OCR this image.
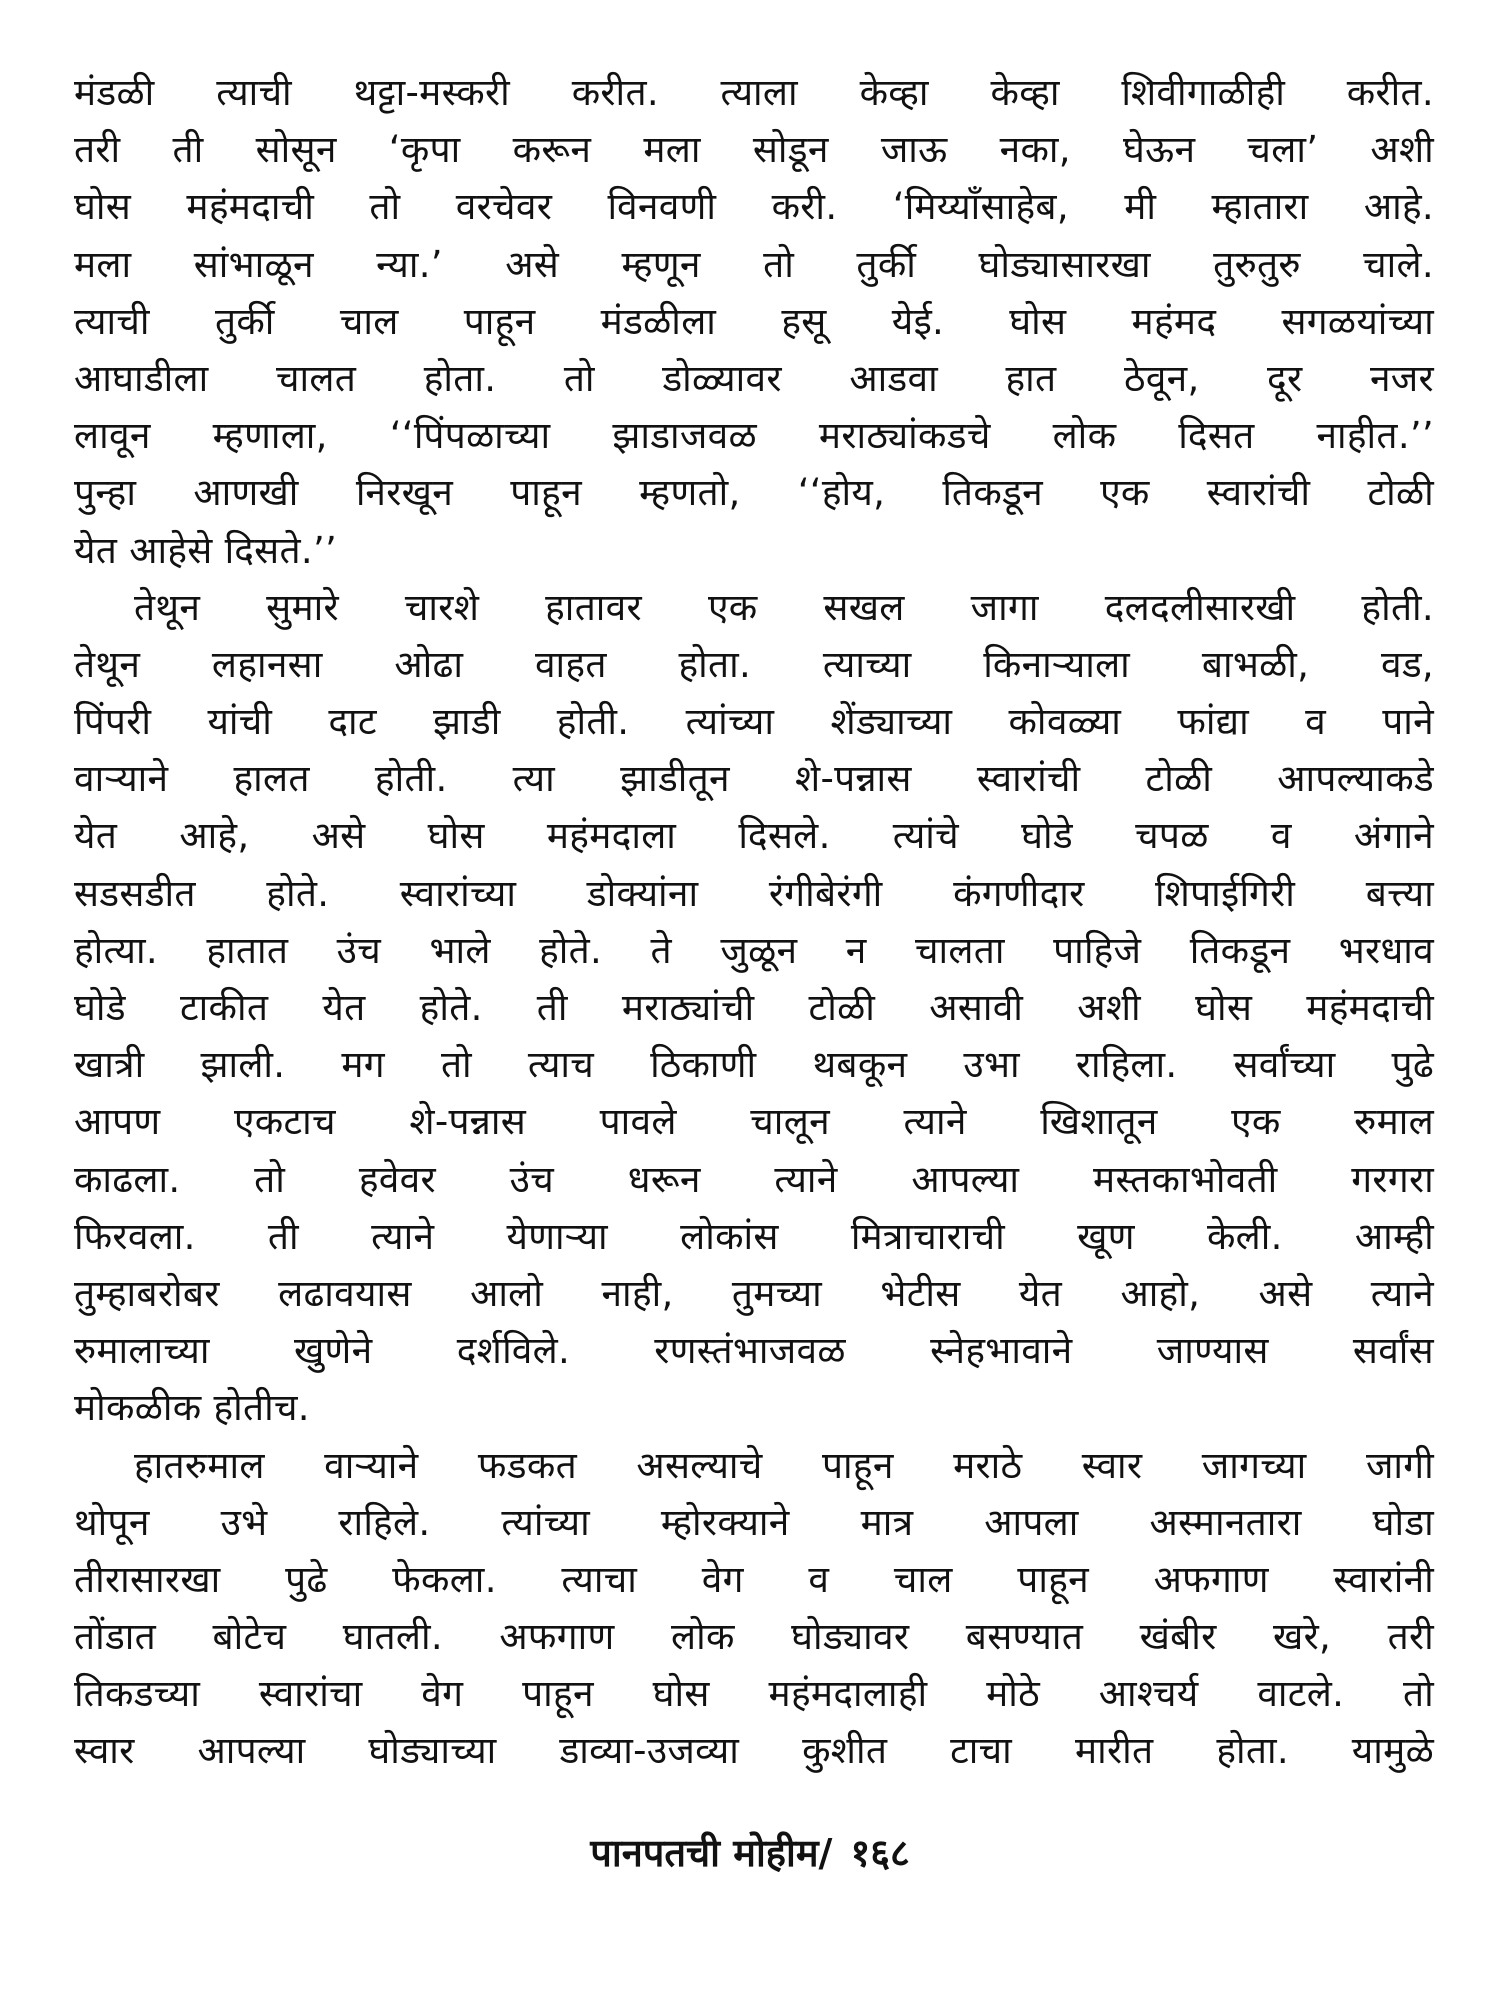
मंडळी त्याची थट्टा-मस्करी करीत. त्याला केव्हा केव्हा शिवीगाळीही करीत.
तरी ती सोसून ‘कृपा करून मला सोडून जाऊ नका, घेऊन चला’ अशी
घोस महंमदाची तो वरचेवर विनवणी करी. ‘मिय्याँसाहेब, मी म्हातारा आहे.
मला सांभाळून न्या.’ असे म्हणून तो तुर्की घोड्यासारखा तुरुतुरु चाले.
त्याची तुर्की चाल पाहून मंडळीला हसू येई. घोस महंमद सगळयांच्या
आघाडीला चालत होता. तो डोळ्यावर आडवा हात ठेवून, दूर नजर
लावून म्हणाला, ‘‘पिंपळाच्या झाडाजवळ मराठ्यांकडचे लोक दिसत नाहीत.’’
पुन्हा आणखी निरखून पाहून म्हणतो, ‘‘होय, तिकडून एक स्वारांची टोळी
येत आहेसे दिसते.’’
तेथून सुमारे चारशे हातावर एक सखल जागा दलदलीसारखी होती.
तेथून लहानसा ओढा वाहत होता. त्याच्या किनाऱ्याला बाभळी, वड,
पिंपरी यांची दाट झाडी होती. त्यांच्या शेंड्याच्या कोवळ्या फांद्या व पाने
वाऱ्याने हालत होती. त्या झाडीतून शे-पन्नास स्वारांची टोळी आपल्याकडे
येत आहे, असे घोस महंमदाला दिसले. त्यांचे घोडे चपळ व अंगाने
सडसडीत होते. स्वारांच्या डोक्यांना रंगीबेरंगी कंगणीदार शिपाईगिरी बत्त्या
होत्या. हातात उंच भाले होते. ते जुळून न चालता पाहिजे तिकडून भरधाव
घोडे टाकीत येत होते. ती मराठ्यांची टोळी असावी अशी घोस महंमदाची
खात्री झाली. मग तो त्याच ठिकाणी थबकून उभा राहिला. सर्वांच्या पुढे
आपण एकटाच शे-पन्नास पावले चालून त्याने खिशातून एक रुमाल
काढला. तो हवेवर उंच धरून त्याने आपल्या मस्तकाभोवती गरगरा
फिरवला. ती त्याने येणाऱ्या लोकांस मित्राचाराची खूण केली. आम्ही
तुम्हाबरोबर लढावयास आलो नाही, तुमच्या भेटीस येत आहो, असे त्याने
रुमालाच्या खुणेने दर्शविले. रणस्तंभाजवळ स्नेहभावाने जाण्यास सर्वांस
मोकळीक होतीच.
हातरुमाल वाऱ्याने फडकत असल्याचे पाहून मराठे स्वार जागच्या जागी
थोपून उभे राहिले. त्यांच्या म्होरक्याने मात्र आपला अस्मानतारा घोडा
तीरासारखा पुढे फेकला. त्याचा वेग व चाल पाहून अफगाण स्वारांनी
तोंडात बोटेच घातली. अफगाण लोक घोड्यावर बसण्यात खंबीर खरे, तरी
तिकडच्या स्वारांचा वेग पाहून घोस महंमदालाही मोठे आश्चर्य वाटले. तो
स्वार आपल्या घोड्याच्या डाव्या-उजव्या कुशीत टाचा मारीत होता. यामुळे
पानपतची मोहीम/ १६८
